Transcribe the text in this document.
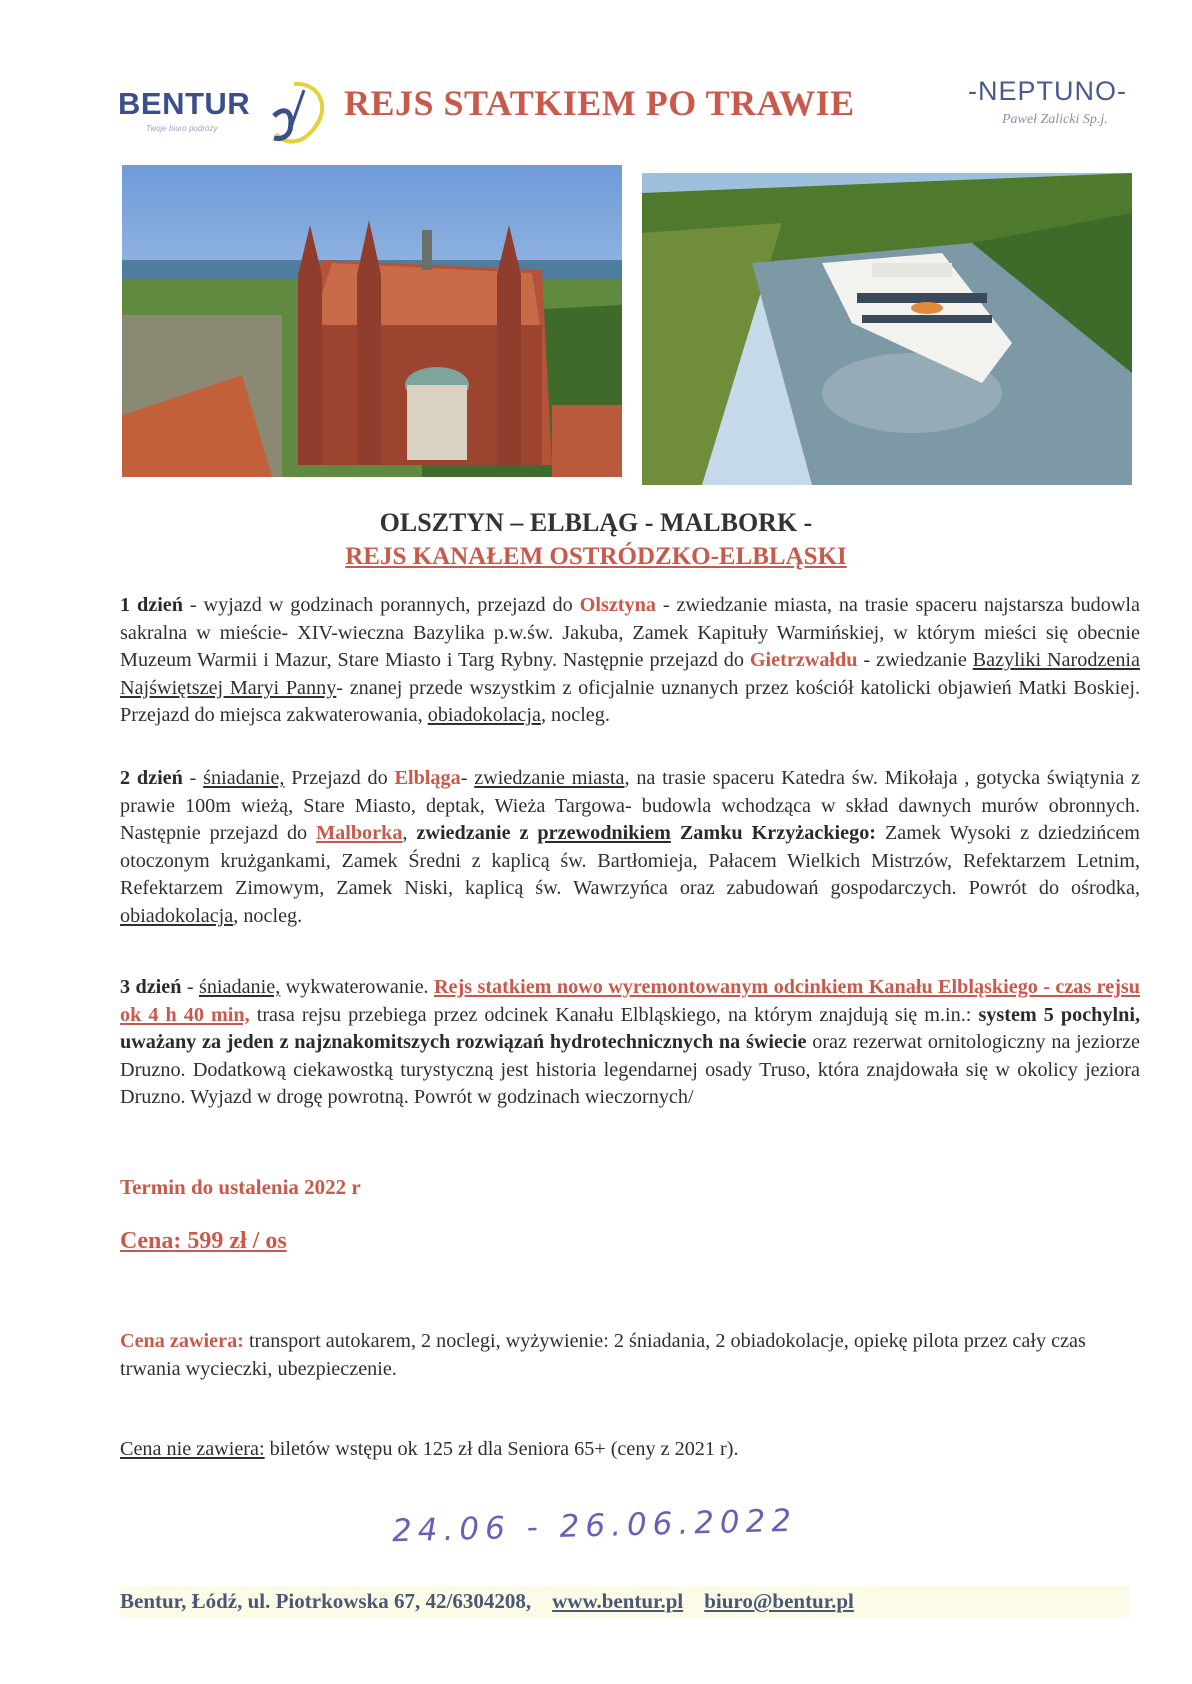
BENTUR
Twoje biuro podróży
REJS STATKIEM PO TRAWIE	-NEPTUNO-
Paweł Zalicki Sp.j.
OLSZTYN – ELBLĄG - MALBORK -
REJS KANAŁEM OSTRÓDZKO-ELBLĄSKI
1 dzień - wyjazd w godzinach porannych, przejazd do Olsztyna - zwiedzanie miasta, na trasie spaceru najstarsza budowla sakralna w mieście- XIV-wieczna Bazylika p.w.św. Jakuba, Zamek Kapituły Warmińskiej, w którym mieści się obecnie Muzeum Warmii i Mazur, Stare Miasto i Targ Rybny. Następnie przejazd do Gietrzwałdu - zwiedzanie Bazyliki Narodzenia Najświętszej Maryi Panny- znanej przede wszystkim z oficjalnie uznanych przez kościół katolicki objawień Matki Boskiej. Przejazd do miejsca zakwaterowania, obiadokolacja, nocleg.
2 dzień - śniadanie, Przejazd do Elbląga- zwiedzanie miasta, na trasie spaceru Katedra św. Mikołaja , gotycka świątynia z prawie 100m wieżą, Stare Miasto, deptak, Wieża Targowa- budowla wchodząca w skład dawnych murów obronnych. Następnie przejazd do Malborka, zwiedzanie z przewodnikiem Zamku Krzyżackiego: Zamek Wysoki z dziedzińcem otoczonym krużgankami, Zamek Średni z kaplicą św. Bartłomieja, Pałacem Wielkich Mistrzów, Refektarzem Letnim, Refektarzem Zimowym, Zamek Niski, kaplicą św. Wawrzyńca oraz zabudowań gospodarczych. Powrót do ośrodka, obiadokolacja, nocleg.
3 dzień - śniadanie, wykwaterowanie. Rejs statkiem nowo wyremontowanym odcinkiem Kanału Elbląskiego - czas rejsu ok 4 h 40 min, trasa rejsu przebiega przez odcinek Kanału Elbląskiego, na którym znajdują się m.in.: system 5 pochylni, uważany za jeden z najznakomitszych rozwiązań hydrotechnicznych na świecie oraz rezerwat ornitologiczny na jeziorze Druzno. Dodatkową ciekawostką turystyczną jest historia legendarnej osady Truso, która znajdowała się w okolicy jeziora Druzno. Wyjazd w drogę powrotną. Powrót w godzinach wieczornych/
Termin do ustalenia 2022 r
Cena: 599 zł / os
Cena zawiera: transport autokarem, 2 noclegi, wyżywienie: 2 śniadania, 2 obiadokolacje, opiekę pilota przez cały czas trwania wycieczki, ubezpieczenie.
Cena nie zawiera: biletów wstępu ok 125 zł dla Seniora 65+ (ceny z 2021 r).
24.06 - 26.06.2022
Bentur, Łódź, ul. Piotrkowska 67, 42/6304208, www.bentur.pl biuro@bentur.pl
